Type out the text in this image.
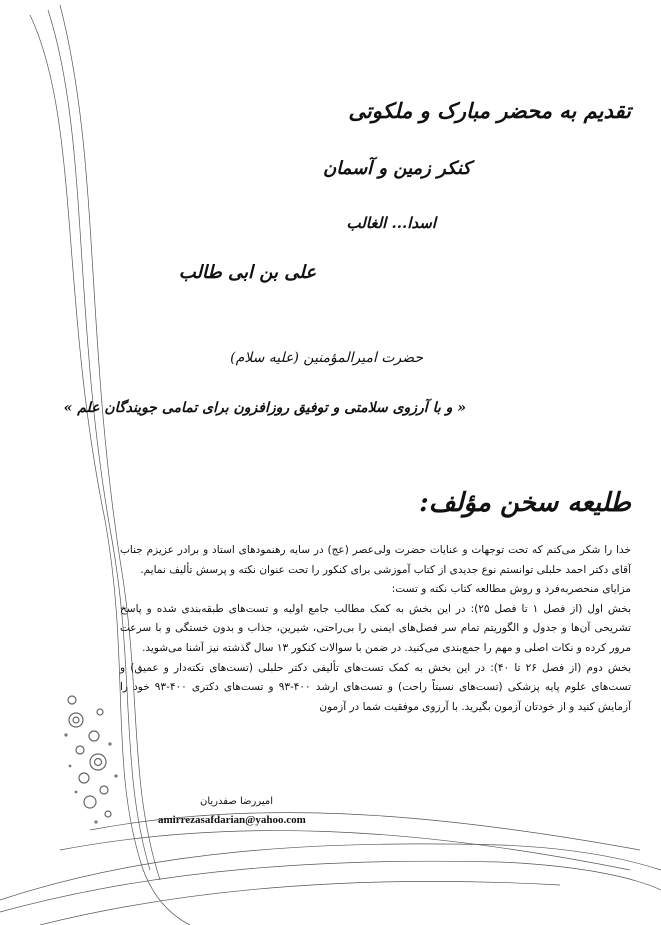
تقدیم به محضر مبارک و ملکوتی
کنکر زمین و آسمان
اسدا... الغالب
علی بن ابی طالب
حضرت امیرالمؤمنین (علیه سلام)
« و با آرزوی سلامتی و توفیق روزافزون برای تمامی جویندگان علم »
طلیعه سخن مؤلف:

خدا را شکر می‌کنم که تحت توجهات و عنایات حضرت ولی‌عصر (عج) در سایه رهنمودهای استاد و برادر عزیزم جناب آقای دکتر احمد حلبلی توانستم نوع جدیدی از کتاب آموزشی برای کنکور را تحت عنوان نکته و پرسش تألیف نمایم.

مزایای منحصربه‌فرد و روش مطالعه کتاب نکته و تست:

بخش اول (از فصل ۱ تا فصل ۲۵): در این بخش به کمک مطالب جامع اولیه و تست‌های طبقه‌بندی شده و پاسخ تشریحی آن‌ها و جدول و الگوریتم تمام سر فصل‌های ایمنی را بی‌راحتی، شیرین، جذاب و بدون خستگی و با سرعت مرور کرده و نکات اصلی و مهم را جمع‌بندی می‌کنید. در ضمن با سوالات کنکور ۱۳ سال گذشته نیز آشنا می‌شوید.

بخش دوم (از فصل ۲۶ تا ۴۰): در این بخش به کمک تست‌های تألیفی دکتر حلبلی (تست‌های نکته‌دار و عمیق) و تست‌های علوم پایه پزشکی (تست‌های نسبتاً راحت) و تست‌های ارشد ۴۰۰-۹۳ و تست‌های دکتری ۴۰۰-۹۳ خود را آزمایش کنید و از خودتان آزمون بگیرید. با آرزوی موفقیت شما در آزمون

امیررضا صفدریان
amirrezasafdarian@yahoo.com
